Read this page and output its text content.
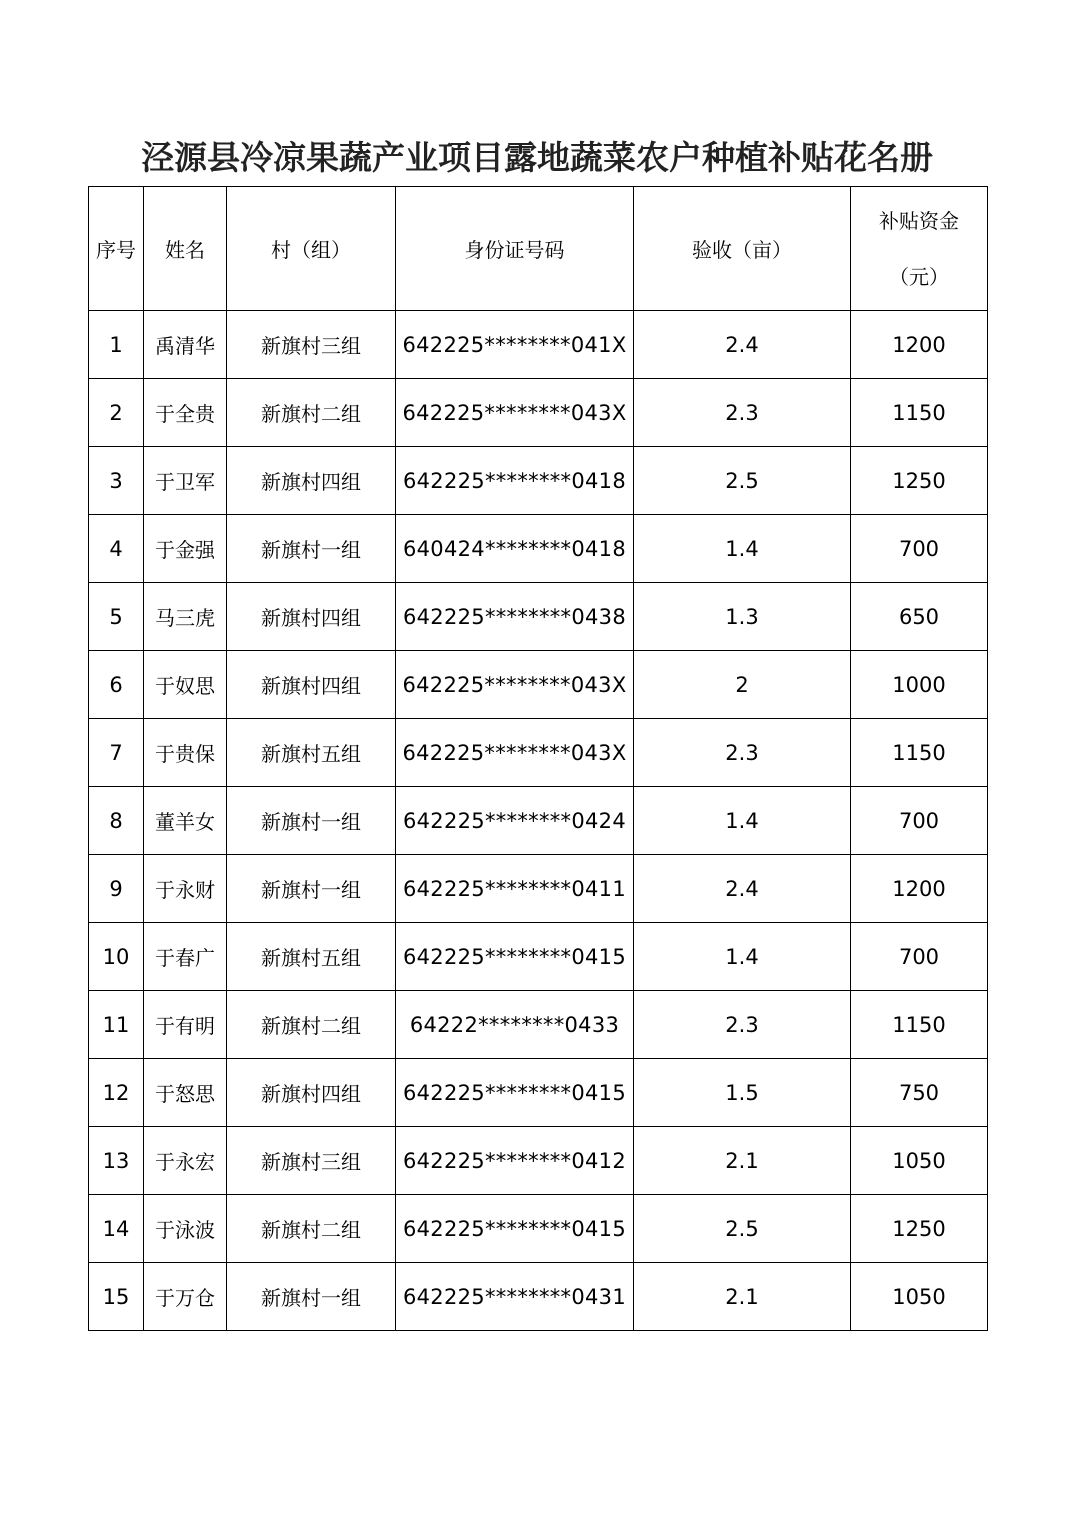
泾源县冷凉果蔬产业项目露地蔬菜农户种植补贴花名册
序号	姓名	村（组）	身份证号码	验收（亩）	补贴资金
（元）

1	禹清华	新旗村三组	642225********041X	2.4	1200
2	于全贵	新旗村二组	642225********043X	2.3	1150
3	于卫军	新旗村四组	642225********0418	2.5	1250
4	于金强	新旗村一组	640424********0418	1.4	700
5	马三虎	新旗村四组	642225********0438	1.3	650
6	于奴思	新旗村四组	642225********043X	2	1000
7	于贵保	新旗村五组	642225********043X	2.3	1150
8	董羊女	新旗村一组	642225********0424	1.4	700
9	于永财	新旗村一组	642225********0411	2.4	1200
10	于春广	新旗村五组	642225********0415	1.4	700
11	于有明	新旗村二组	64222********0433	2.3	1150
12	于怒思	新旗村四组	642225********0415	1.5	750
13	于永宏	新旗村三组	642225********0412	2.1	1050
14	于泳波	新旗村二组	642225********0415	2.5	1250
15	于万仓	新旗村一组	642225********0431	2.1	1050
